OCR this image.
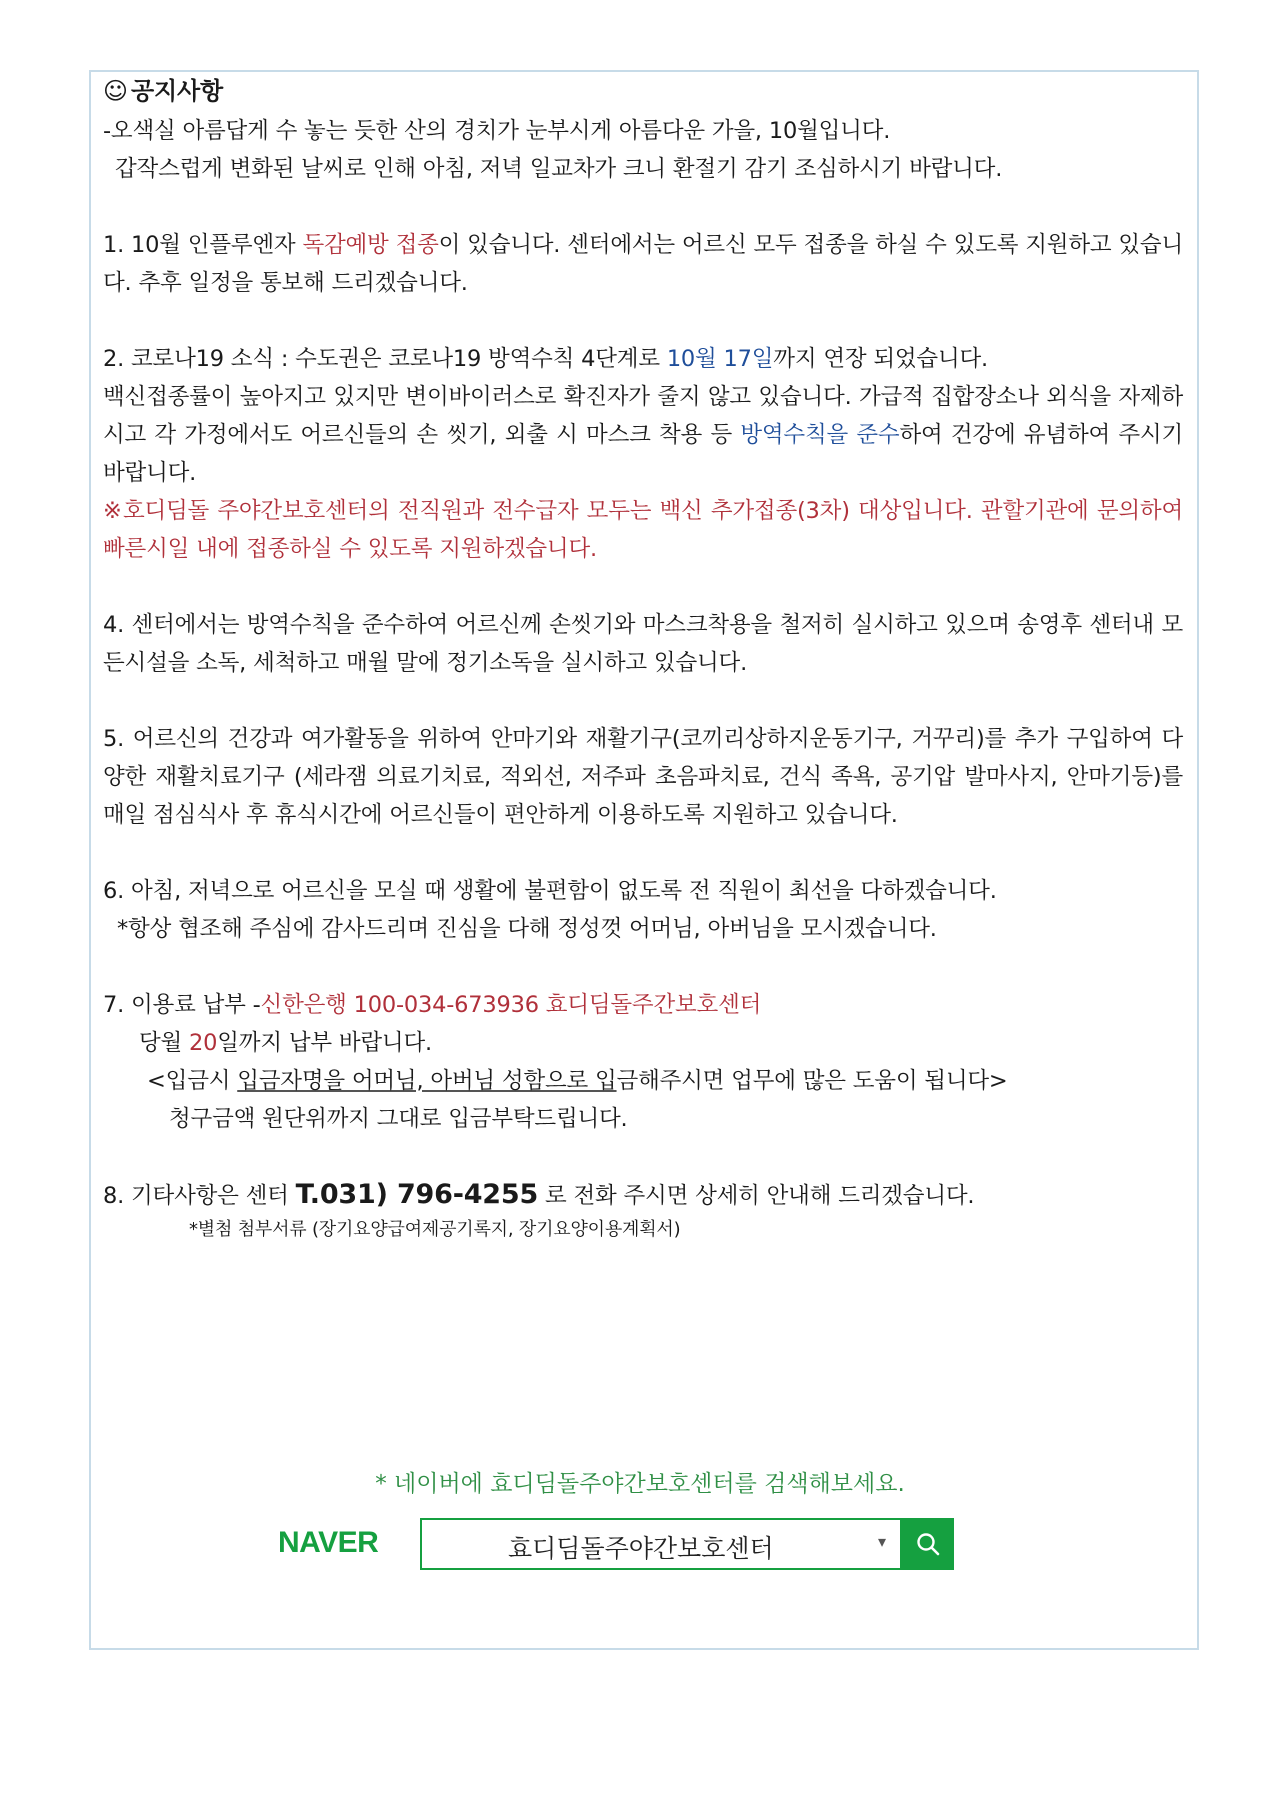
☺ 공지사항

-오색실 아름답게 수 놓는 듯한 산의 경치가 눈부시게 아름다운 가을, 10월입니다.

갑작스럽게 변화된 날씨로 인해 아침, 저녁 일교차가 크니 환절기 감기 조심하시기 바랍니다.

1. 10월 인플루엔자 독감예방 접종이 있습니다. 센터에서는 어르신 모두 접종을 하실 수 있도록 지원하고 있습니다. 추후 일정을 통보해 드리겠습니다.

2. 코로나19 소식 : 수도권은 코로나19 방역수칙 4단계로 10월 17일까지 연장 되었습니다.

백신접종률이 높아지고 있지만 변이바이러스로 확진자가 줄지 않고 있습니다. 가급적 집합장소나 외식을 자제하시고 각 가정에서도 어르신들의 손 씻기, 외출 시 마스크 착용 등 방역수칙을 준수하여 건강에 유념하여 주시기 바랍니다.

※호디딤돌 주야간보호센터의 전직원과 전수급자 모두는 백신 추가접종(3차) 대상입니다. 관할기관에 문의하여 빠른시일 내에 접종하실 수 있도록 지원하겠습니다.

4. 센터에서는 방역수칙을 준수하여 어르신께 손씻기와 마스크착용을 철저히 실시하고 있으며 송영후 센터내 모든시설을 소독, 세척하고 매월 말에 정기소독을 실시하고 있습니다.

5. 어르신의 건강과 여가활동을 위하여 안마기와 재활기구(코끼리상하지운동기구, 거꾸리)를 추가 구입하여 다양한 재활치료기구 (세라잼 의료기치료, 적외선, 저주파 초음파치료, 건식 족욕, 공기압 발마사지, 안마기등)를 매일 점심식사 후 휴식시간에 어르신들이 편안하게 이용하도록 지원하고 있습니다.

6. 아침, 저녁으로 어르신을 모실 때 생활에 불편함이 없도록 전 직원이 최선을 다하겠습니다.

*항상 협조해 주심에 감사드리며 진심을 다해 정성껏 어머님, 아버님을 모시겠습니다.

7. 이용료 납부 -신한은행 100-034-673936 효디딤돌주간보호센터

당월 20일까지 납부 바랍니다.

<입금시 입금자명을 어머님, 아버님 성함으로 입금해주시면 업무에 많은 도움이 됩니다>

청구금액 원단위까지 그대로 입금부탁드립니다.

8. 기타사항은 센터 T.031) 796-4255 로 전화 주시면 상세히 안내해 드리겠습니다.

*별첨 첨부서류 (장기요양급여제공기록지, 장기요양이용계획서)

* 네이버에 효디딤돌주야간보호센터를 검색해보세요.
NAVER	효디딤돌주야간보호센터	▾
